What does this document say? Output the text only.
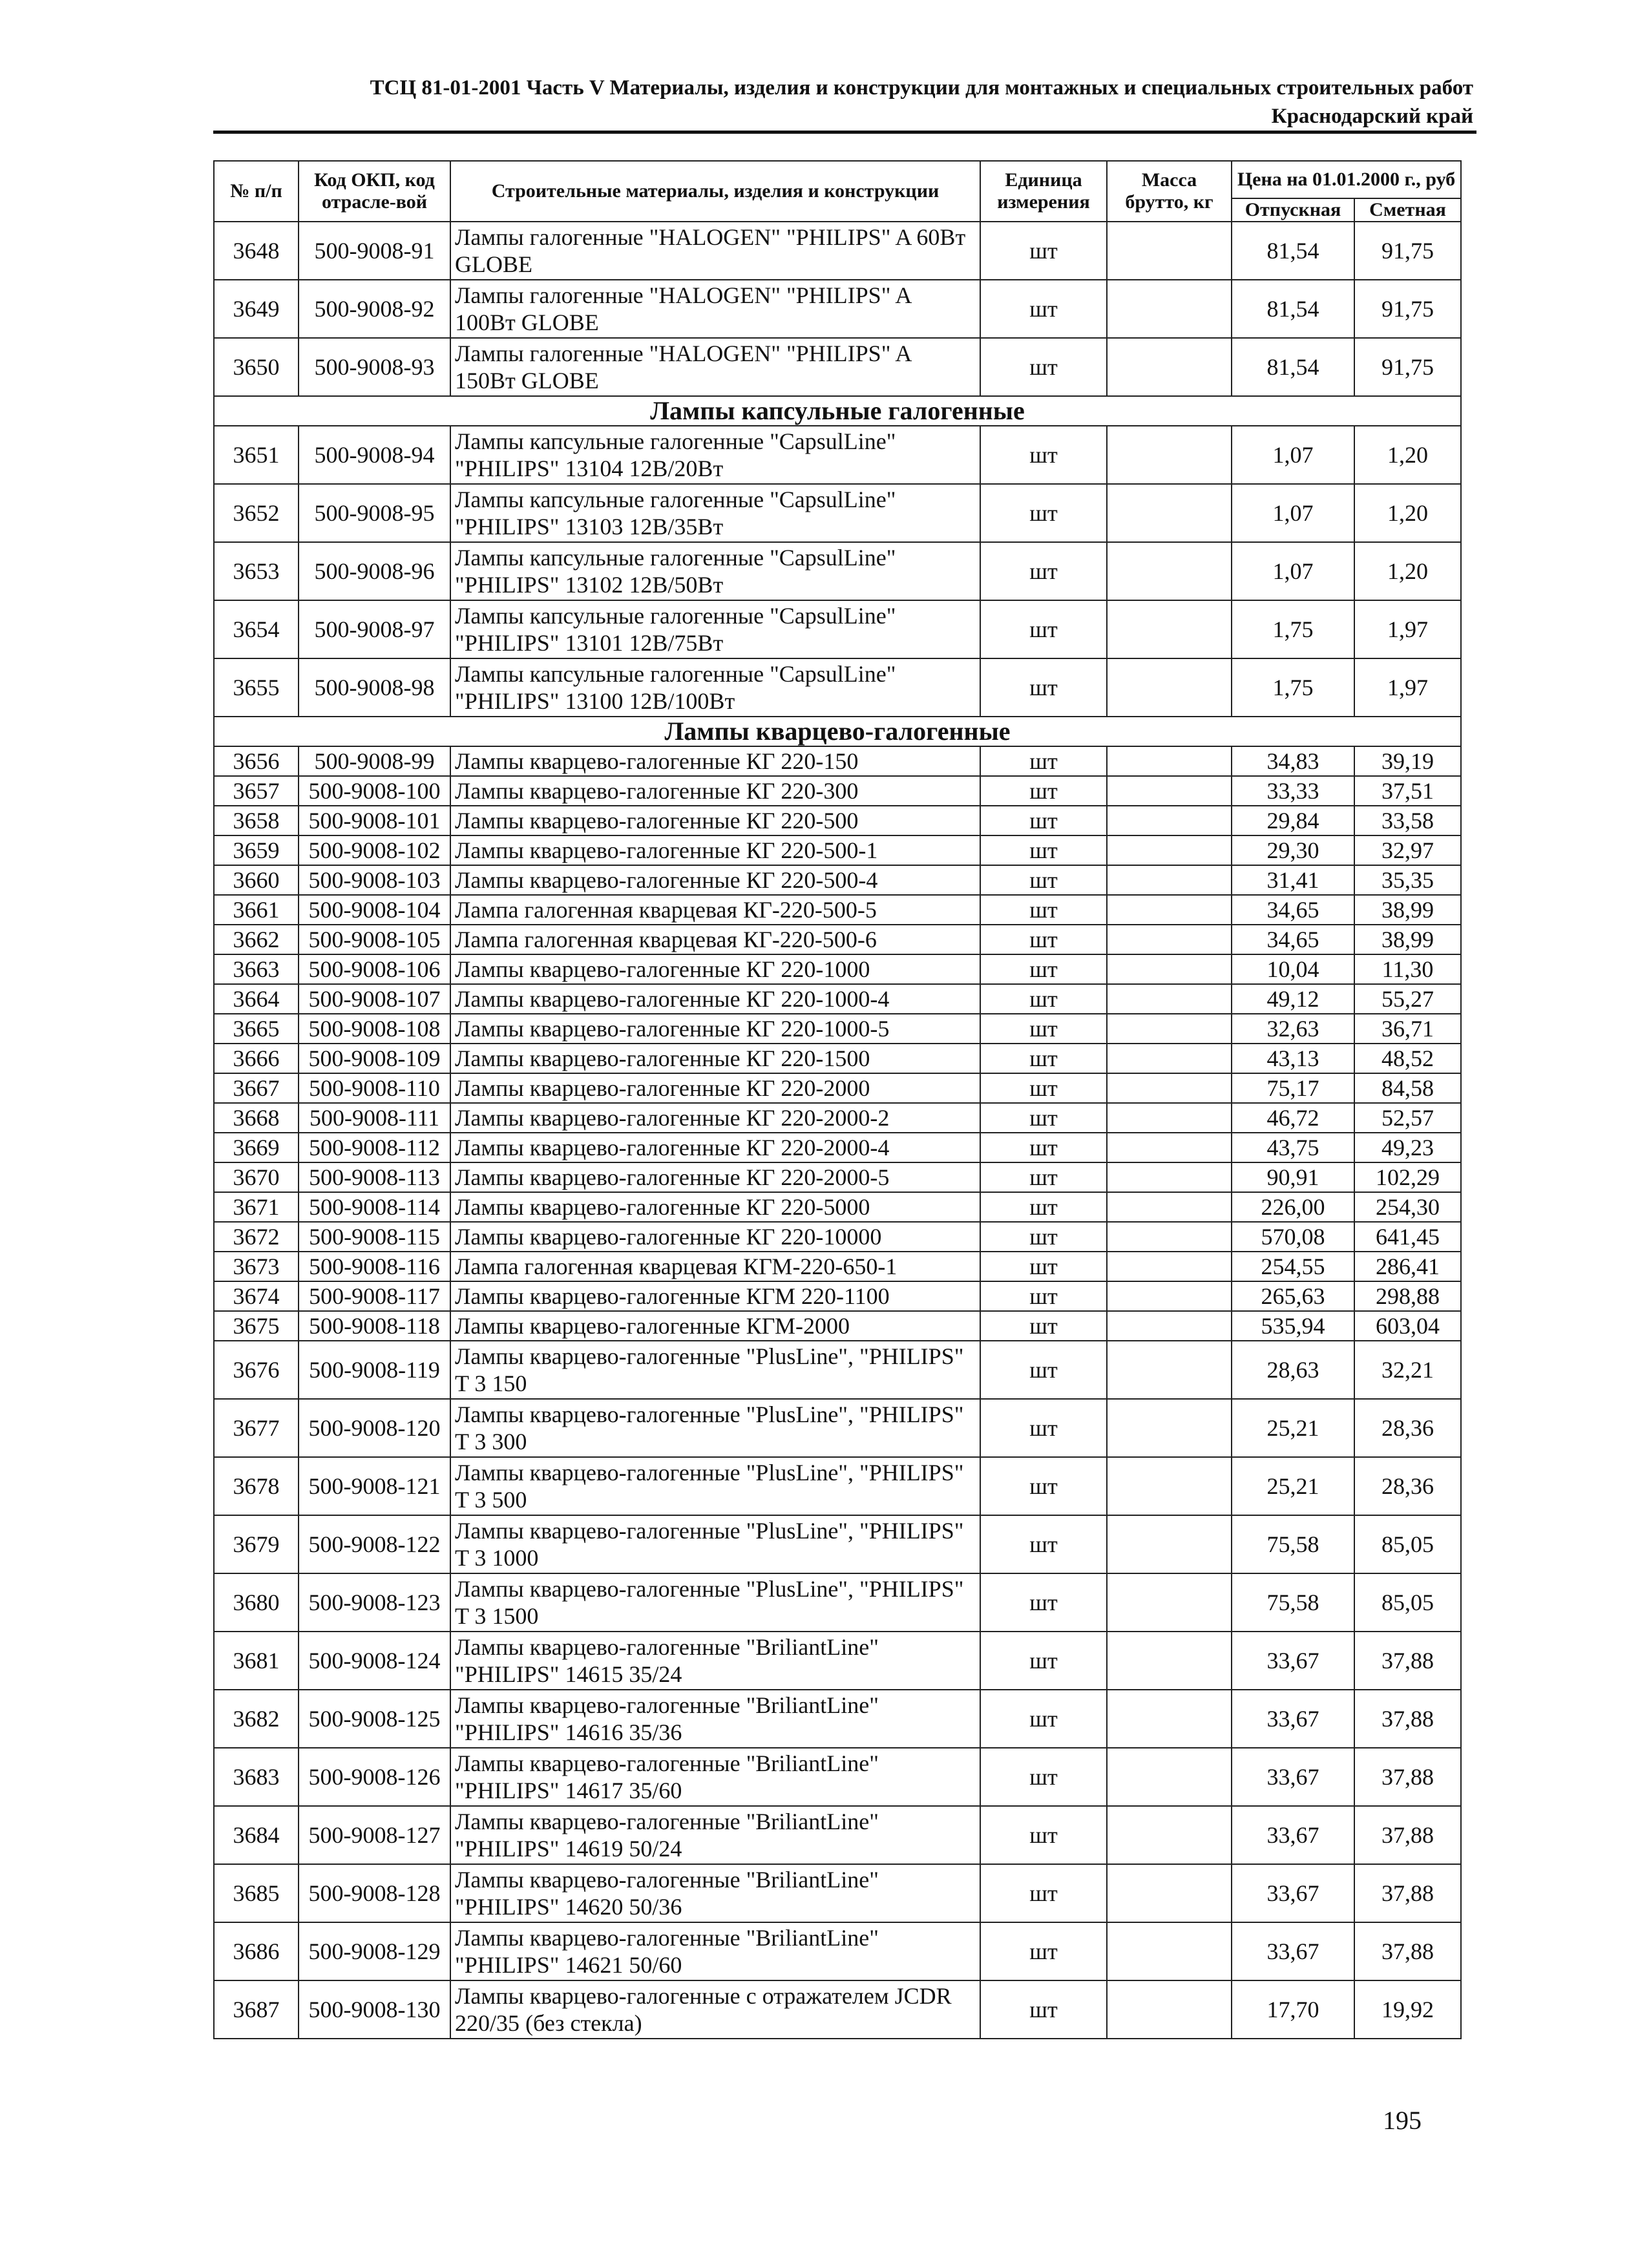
ТСЦ 81-01-2001 Часть V Материалы, изделия и конструкции для монтажных и специальных строительных работ
Краснодарский край
№ п/п	Код ОКП, код отрасле-вой	Строительные материалы, изделия и конструкции	Единица измерения	Масса брутто, кг	Цена на 01.01.2000 г., руб	
					Отпускная	Сметная
3648	500-9008-91	Лампы галогенные "HALOGEN" "PHILIPS" A 60Вт GLOBE	шт		81,54	91,75
3649	500-9008-92	Лампы галогенные "HALOGEN" "PHILIPS" A 100Вт GLOBE	шт		81,54	91,75
3650	500-9008-93	Лампы галогенные "HALOGEN" "PHILIPS" A 150Вт GLOBE	шт		81,54	91,75
Лампы капсульные галогенные						
3651	500-9008-94	Лампы капсульные галогенные "CapsulLine" "PHILIPS" 13104 12В/20Вт	шт		1,07	1,20
3652	500-9008-95	Лампы капсульные галогенные "CapsulLine" "PHILIPS" 13103 12В/35Вт	шт		1,07	1,20
3653	500-9008-96	Лампы капсульные галогенные "CapsulLine" "PHILIPS" 13102 12В/50Вт	шт		1,07	1,20
3654	500-9008-97	Лампы капсульные галогенные "CapsulLine" "PHILIPS" 13101 12В/75Вт	шт		1,75	1,97
3655	500-9008-98	Лампы капсульные галогенные "CapsulLine" "PHILIPS" 13100 12В/100Вт	шт		1,75	1,97
Лампы кварцево-галогенные						
3656	500-9008-99	Лампы кварцево-галогенные КГ 220-150	шт		34,83	39,19
3657	500-9008-100	Лампы кварцево-галогенные КГ 220-300	шт		33,33	37,51
3658	500-9008-101	Лампы кварцево-галогенные КГ 220-500	шт		29,84	33,58
3659	500-9008-102	Лампы кварцево-галогенные КГ 220-500-1	шт		29,30	32,97
3660	500-9008-103	Лампы кварцево-галогенные КГ 220-500-4	шт		31,41	35,35
3661	500-9008-104	Лампа галогенная кварцевая КГ-220-500-5	шт		34,65	38,99
3662	500-9008-105	Лампа галогенная кварцевая КГ-220-500-6	шт		34,65	38,99
3663	500-9008-106	Лампы кварцево-галогенные КГ 220-1000	шт		10,04	11,30
3664	500-9008-107	Лампы кварцево-галогенные КГ 220-1000-4	шт		49,12	55,27
3665	500-9008-108	Лампы кварцево-галогенные КГ 220-1000-5	шт		32,63	36,71
3666	500-9008-109	Лампы кварцево-галогенные КГ 220-1500	шт		43,13	48,52
3667	500-9008-110	Лампы кварцево-галогенные КГ 220-2000	шт		75,17	84,58
3668	500-9008-111	Лампы кварцево-галогенные КГ 220-2000-2	шт		46,72	52,57
3669	500-9008-112	Лампы кварцево-галогенные КГ 220-2000-4	шт		43,75	49,23
3670	500-9008-113	Лампы кварцево-галогенные КГ 220-2000-5	шт		90,91	102,29
3671	500-9008-114	Лампы кварцево-галогенные КГ 220-5000	шт		226,00	254,30
3672	500-9008-115	Лампы кварцево-галогенные КГ 220-10000	шт		570,08	641,45
3673	500-9008-116	Лампа галогенная кварцевая КГМ-220-650-1	шт		254,55	286,41
3674	500-9008-117	Лампы кварцево-галогенные КГМ 220-1100	шт		265,63	298,88
3675	500-9008-118	Лампы кварцево-галогенные КГМ-2000	шт		535,94	603,04
3676	500-9008-119	Лампы кварцево-галогенные "PlusLine", "PHILIPS" T 3 150	шт		28,63	32,21
3677	500-9008-120	Лампы кварцево-галогенные "PlusLine", "PHILIPS" T 3 300	шт		25,21	28,36
3678	500-9008-121	Лампы кварцево-галогенные "PlusLine", "PHILIPS" T 3 500	шт		25,21	28,36
3679	500-9008-122	Лампы кварцево-галогенные "PlusLine", "PHILIPS" T 3 1000	шт		75,58	85,05
3680	500-9008-123	Лампы кварцево-галогенные "PlusLine", "PHILIPS" T 3 1500	шт		75,58	85,05
3681	500-9008-124	Лампы кварцево-галогенные "BriliantLine" "PHILIPS" 14615 35/24	шт		33,67	37,88
3682	500-9008-125	Лампы кварцево-галогенные "BriliantLine" "PHILIPS" 14616 35/36	шт		33,67	37,88
3683	500-9008-126	Лампы кварцево-галогенные "BriliantLine" "PHILIPS" 14617 35/60	шт		33,67	37,88
3684	500-9008-127	Лампы кварцево-галогенные "BriliantLine" "PHILIPS" 14619 50/24	шт		33,67	37,88
3685	500-9008-128	Лампы кварцево-галогенные "BriliantLine" "PHILIPS" 14620 50/36	шт		33,67	37,88
3686	500-9008-129	Лампы кварцево-галогенные "BriliantLine" "PHILIPS" 14621 50/60	шт		33,67	37,88
3687	500-9008-130	Лампы кварцево-галогенные с отражателем JCDR 220/35 (без стекла)	шт		17,70	19,92
195
